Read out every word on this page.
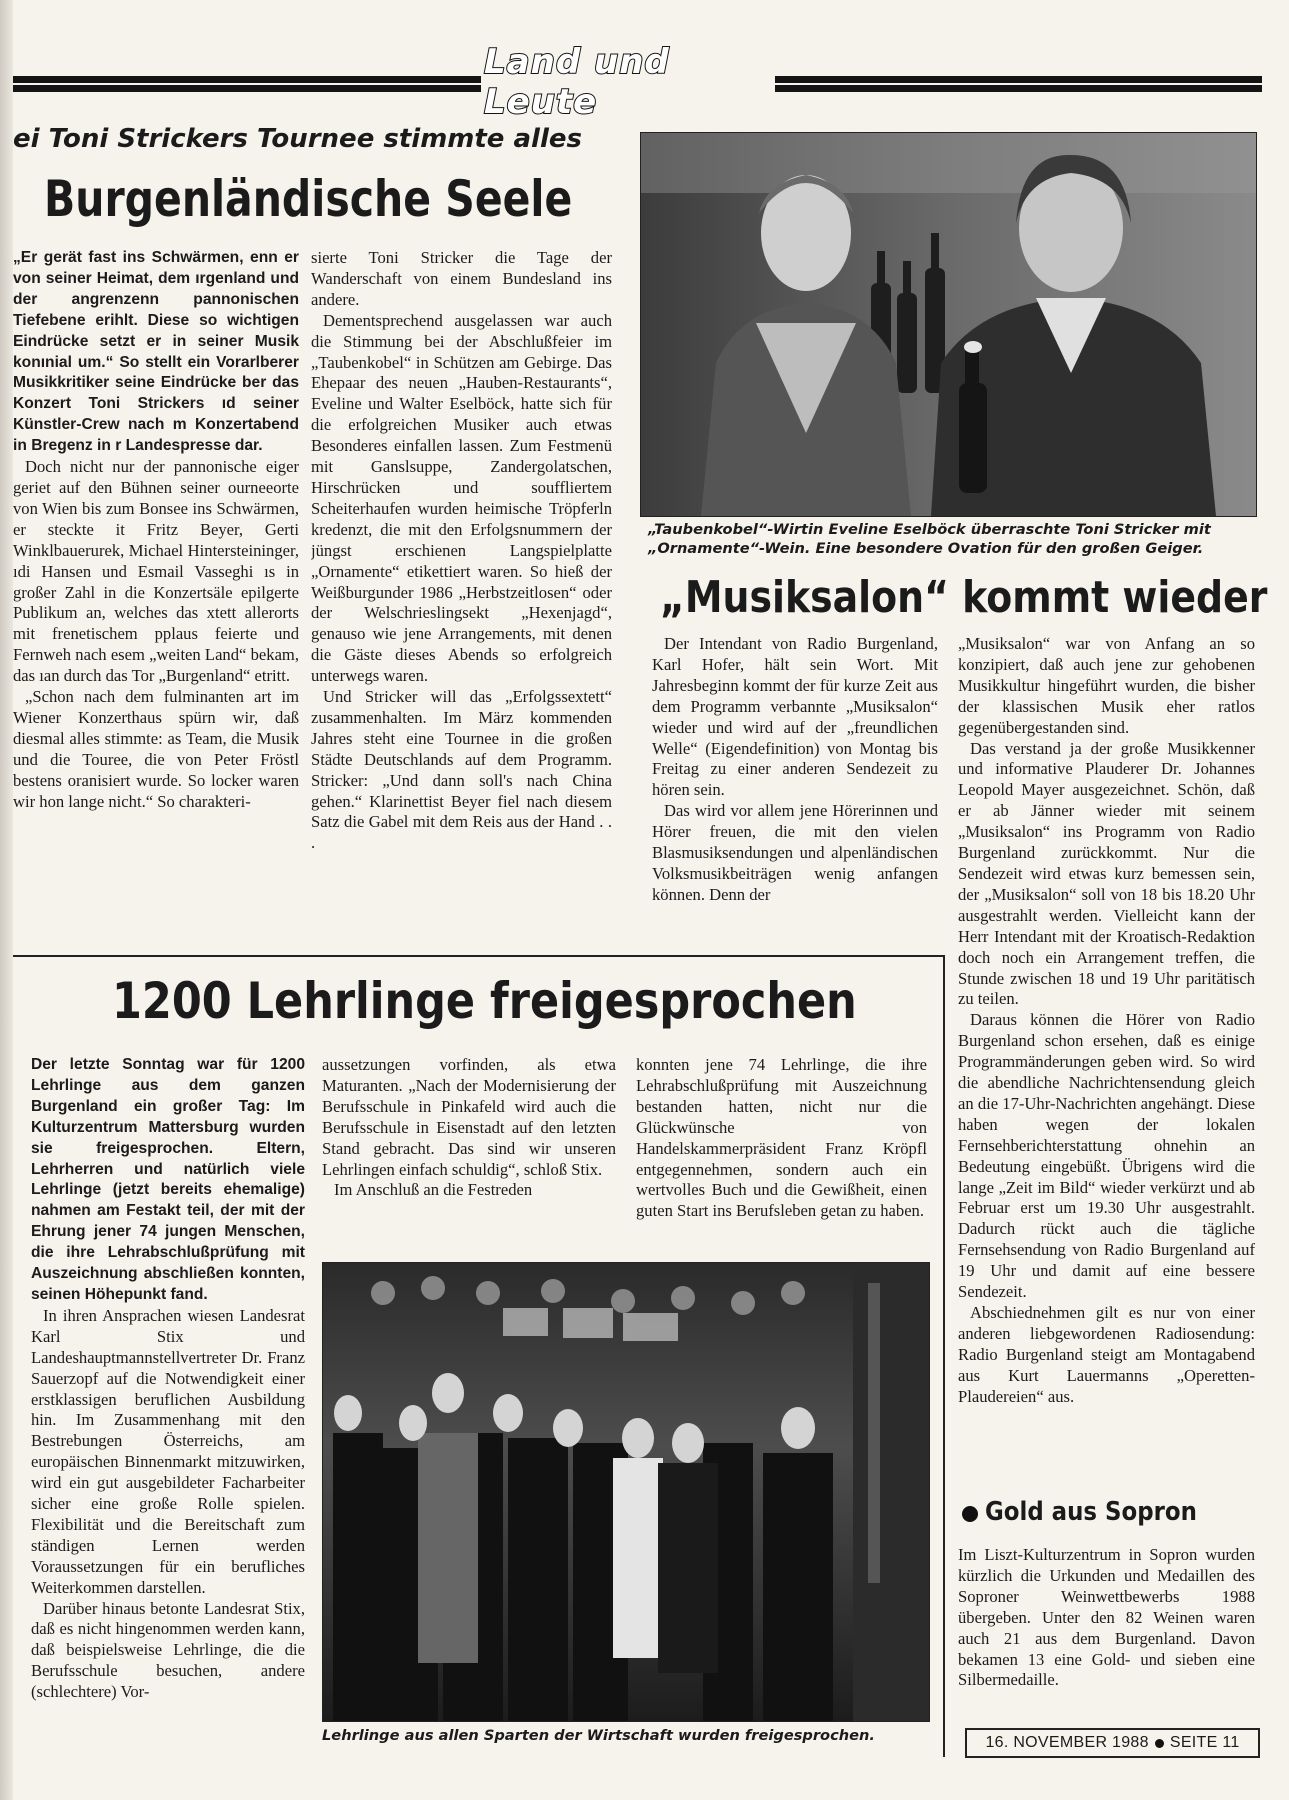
Land und Leute
ei Toni Strickers Tournee stimmte alles
Burgenländische Seele

„Er gerät fast ins Schwärmen, enn er von seiner Heimat, dem ırgenland und der angrenzenn pannonischen Tiefebene erihlt. Diese so wichtigen Eindrücke setzt er in seiner Musik konınial um.“ So stellt ein Vorarlberer Musikkritiker seine Eindrücke ber das Konzert Toni Strickers ıd seiner Künstler-Crew nach m Konzertabend in Bregenz in r Landespresse dar.

Doch nicht nur der pannonische eiger geriet auf den Bühnen seiner ourneeorte von Wien bis zum Bonsee ins Schwärmen, er steckte it Fritz Beyer, Gerti Winklbauerurek, Michael Hintersteininger, ıdi Hansen und Esmail Vasseghi ıs in großer Zahl in die Konzertsäle epilgerte Publikum an, welches das xtett allerorts mit frenetischem pplaus feierte und Fernweh nach esem „weiten Land“ bekam, das ıan durch das Tor „Burgenland“ etritt.

„Schon nach dem fulminanten art im Wiener Konzerthaus spürn wir, daß diesmal alles stimmte: as Team, die Musik und die Touree, die von Peter Fröstl bestens oranisiert wurde. So locker waren wir hon lange nicht.“ So charakteri-

sierte Toni Stricker die Tage der Wanderschaft von einem Bundesland ins andere.

Dementsprechend ausgelassen war auch die Stimmung bei der Abschlußfeier im „Taubenkobel“ in Schützen am Gebirge. Das Ehepaar des neuen „Hauben-Restaurants“, Eveline und Walter Eselböck, hatte sich für die erfolgreichen Musiker auch etwas Besonderes einfallen lassen. Zum Festmenü mit Ganslsuppe, Zandergolatschen, Hirschrücken und souffliertem Scheiterhaufen wurden heimische Tröpferln kredenzt, die mit den Erfolgsnummern der jüngst erschienen Langspielplatte „Ornamente“ etikettiert waren. So hieß der Weißburgunder 1986 „Herbstzeitlosen“ oder der Welschrieslingsekt „Hexenjagd“, genauso wie jene Arrangements, mit denen die Gäste dieses Abends so erfolgreich unterwegs waren.

Und Stricker will das „Erfolgssextett“ zusammenhalten. Im März kommenden Jahres steht eine Tournee in die großen Städte Deutschlands auf dem Programm. Stricker: „Und dann soll's nach China gehen.“ Klarinettist Beyer fiel nach diesem Satz die Gabel mit dem Reis aus der Hand . . .

„Taubenkobel“-Wirtin Eveline Eselböck überraschte Toni Stricker mit „Ornamente“-Wein. Eine besondere Ovation für den großen Geiger.
„Musiksalon“ kommt wieder

Der Intendant von Radio Burgenland, Karl Hofer, hält sein Wort. Mit Jahresbeginn kommt der für kurze Zeit aus dem Programm verbannte „Musiksalon“ wieder und wird auf der „freundlichen Welle“ (Eigendefinition) von Montag bis Freitag zu einer anderen Sendezeit zu hören sein.

Das wird vor allem jene Hörerinnen und Hörer freuen, die mit den vielen Blasmusiksendungen und alpenländischen Volksmusikbeiträgen wenig anfangen können. Denn der

„Musiksalon“ war von Anfang an so konzipiert, daß auch jene zur gehobenen Musikkultur hingeführt wurden, die bisher der klassischen Musik eher ratlos gegenübergestanden sind.

Das verstand ja der große Musikkenner und informative Plauderer Dr. Johannes Leopold Mayer ausgezeichnet. Schön, daß er ab Jänner wieder mit seinem „Musiksalon“ ins Programm von Radio Burgenland zurückkommt. Nur die Sendezeit wird etwas kurz bemessen sein, der „Musiksalon“ soll von 18 bis 18.20 Uhr ausgestrahlt werden. Vielleicht kann der Herr Intendant mit der Kroatisch-Redaktion doch noch ein Arrangement treffen, die Stunde zwischen 18 und 19 Uhr paritätisch zu teilen.

Daraus können die Hörer von Radio Burgenland schon ersehen, daß es einige Programmänderungen geben wird. So wird die abendliche Nachrichtensendung gleich an die 17-Uhr-Nachrichten angehängt. Diese haben wegen der lokalen Fernsehberichterstattung ohnehin an Bedeutung eingebüßt. Übrigens wird die lange „Zeit im Bild“ wieder verkürzt und ab Februar erst um 19.30 Uhr ausgestrahlt. Dadurch rückt auch die tägliche Fernsehsendung von Radio Burgenland auf 19 Uhr und damit auf eine bessere Sendezeit.

Abschiednehmen gilt es nur von einer anderen liebgewordenen Radiosendung: Radio Burgenland steigt am Montagabend aus Kurt Lauermanns „Operetten-Plaudereien“ aus.

Gold aus Sopron

Im Liszt-Kulturzentrum in Sopron wurden kürzlich die Urkunden und Medaillen des Soproner Weinwettbewerbs 1988 übergeben. Unter den 82 Weinen waren auch 21 aus dem Burgenland. Davon bekamen 13 eine Gold- und sieben eine Silbermedaille.

1200 Lehrlinge freigesprochen

Der letzte Sonntag war für 1200 Lehrlinge aus dem ganzen Burgenland ein großer Tag: Im Kulturzentrum Mattersburg wurden sie freigesprochen. Eltern, Lehrherren und natürlich viele Lehrlinge (jetzt bereits ehemalige) nahmen am Festakt teil, der mit der Ehrung jener 74 jungen Menschen, die ihre Lehrabschlußprüfung mit Auszeichnung abschließen konnten, seinen Höhepunkt fand.

In ihren Ansprachen wiesen Landesrat Karl Stix und Landeshauptmannstellvertreter Dr. Franz Sauerzopf auf die Notwendigkeit einer erstklassigen beruflichen Ausbildung hin. Im Zusammenhang mit den Bestrebungen Österreichs, am europäischen Binnenmarkt mitzuwirken, wird ein gut ausgebildeter Facharbeiter sicher eine große Rolle spielen. Flexibilität und die Bereitschaft zum ständigen Lernen werden Voraussetzungen für ein berufliches Weiterkommen darstellen.

Darüber hinaus betonte Landesrat Stix, daß es nicht hingenommen werden kann, daß beispielsweise Lehrlinge, die die Berufsschule besuchen, andere (schlechtere) Vor-

aussetzungen vorfinden, als etwa Maturanten. „Nach der Modernisierung der Berufsschule in Pinkafeld wird auch die Berufsschule in Eisenstadt auf den letzten Stand gebracht. Das sind wir unseren Lehrlingen einfach schuldig“, schloß Stix.

Im Anschluß an die Festreden

konnten jene 74 Lehrlinge, die ihre Lehrabschlußprüfung mit Auszeichnung bestanden hatten, nicht nur die Glückwünsche von Handelskammerpräsident Franz Kröpfl entgegennehmen, sondern auch ein wertvolles Buch und die Gewißheit, einen guten Start ins Berufsleben getan zu haben.

Lehrlinge aus allen Sparten der Wirtschaft wurden freigesprochen.	16. NOVEMBER 1988 SEITE 11
